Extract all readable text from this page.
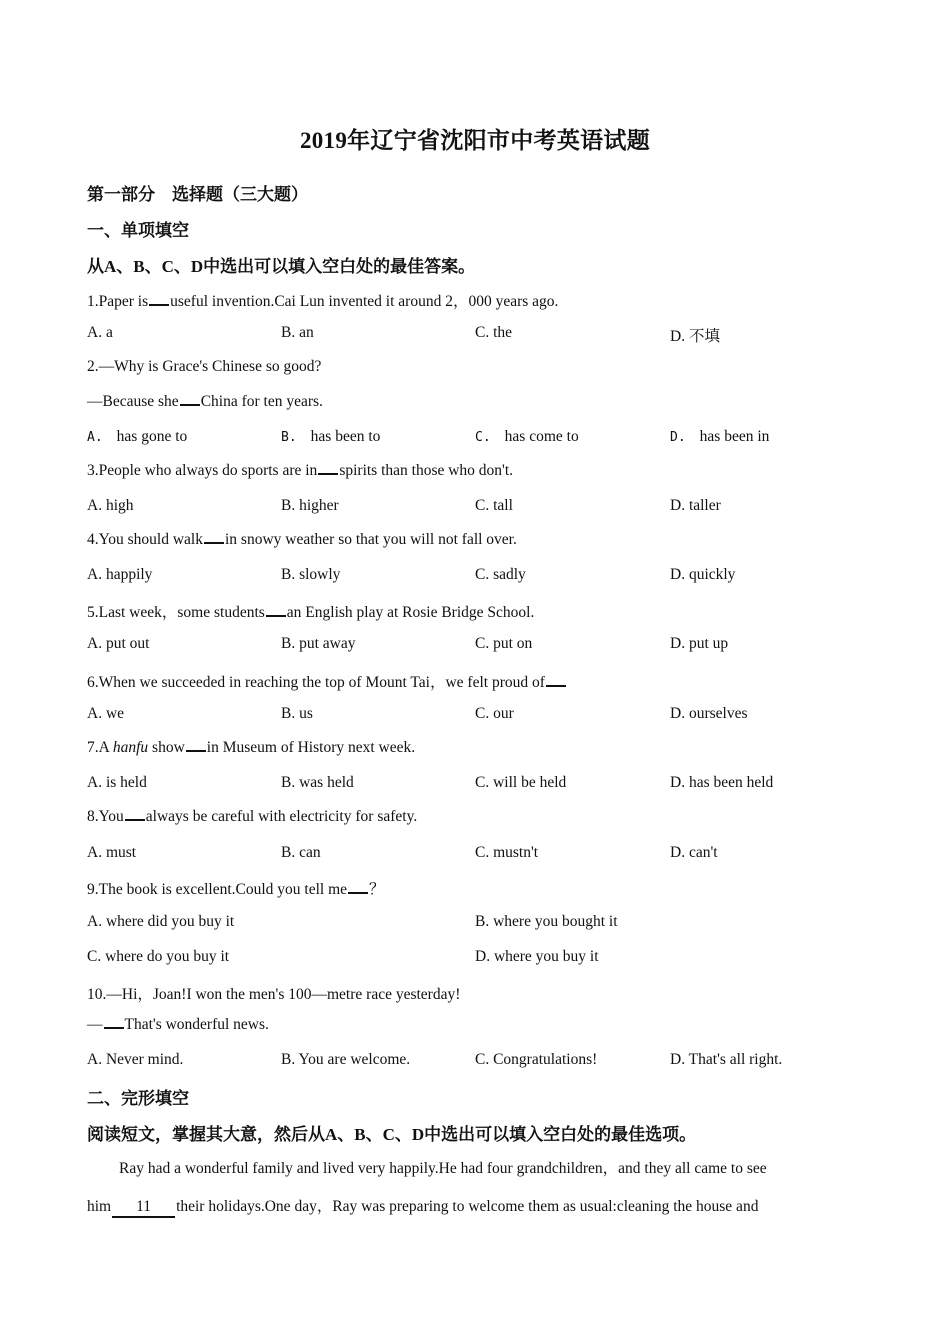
2019年辽宁省沈阳市中考英语试题
第一部分　选择题（三大题）
一、单项填空
从A、B、C、D中选出可以填入空白处的最佳答案。
1.Paper is useful invention.Cai Lun invented it around 2，000 years ago.
A. a	B. an	C. the	D. 不填
2.—Why is Grace's Chinese so good?
—Because she China for ten years.
A. has gone to	B. has been to	C. has come to	D. has been in
3.People who always do sports are in spirits than those who don't.
A. high	B. higher	C. tall	D. taller
4.You should walk in snowy weather so that you will not fall over.
A. happily	B. slowly	C. sadly	D. quickly
5.Last week，some students an English play at Rosie Bridge School.
A. put out	B. put away	C. put on	D. put up
6.When we succeeded in reaching the top of Mount Tai，we felt proud of
A. we	B. us	C. our	D. ourselves
7.A hanfu show in Museum of History next week.
A. is held	B. was held	C. will be held	D. has been held
8.You always be careful with electricity for safety.
A. must	B. can	C. mustn't	D. can't
9.The book is excellent.Could you tell me ？
A. where did you buy it	B. where you bought it
C. where do you buy it	D. where you buy it
10.—Hi，Joan!I won the men's 100—metre race yesterday!
— That's wonderful news.
A. Never mind.	B. You are welcome.	C. Congratulations!	D. That's all right.
二、完形填空
阅读短文，掌握其大意，然后从A、B、C、D中选出可以填入空白处的最佳选项。
Ray had a wonderful family and lived very happily.He had four grandchildren，and they all came to see
him 11 their holidays.One day，Ray was preparing to welcome them as usual:cleaning the house and
